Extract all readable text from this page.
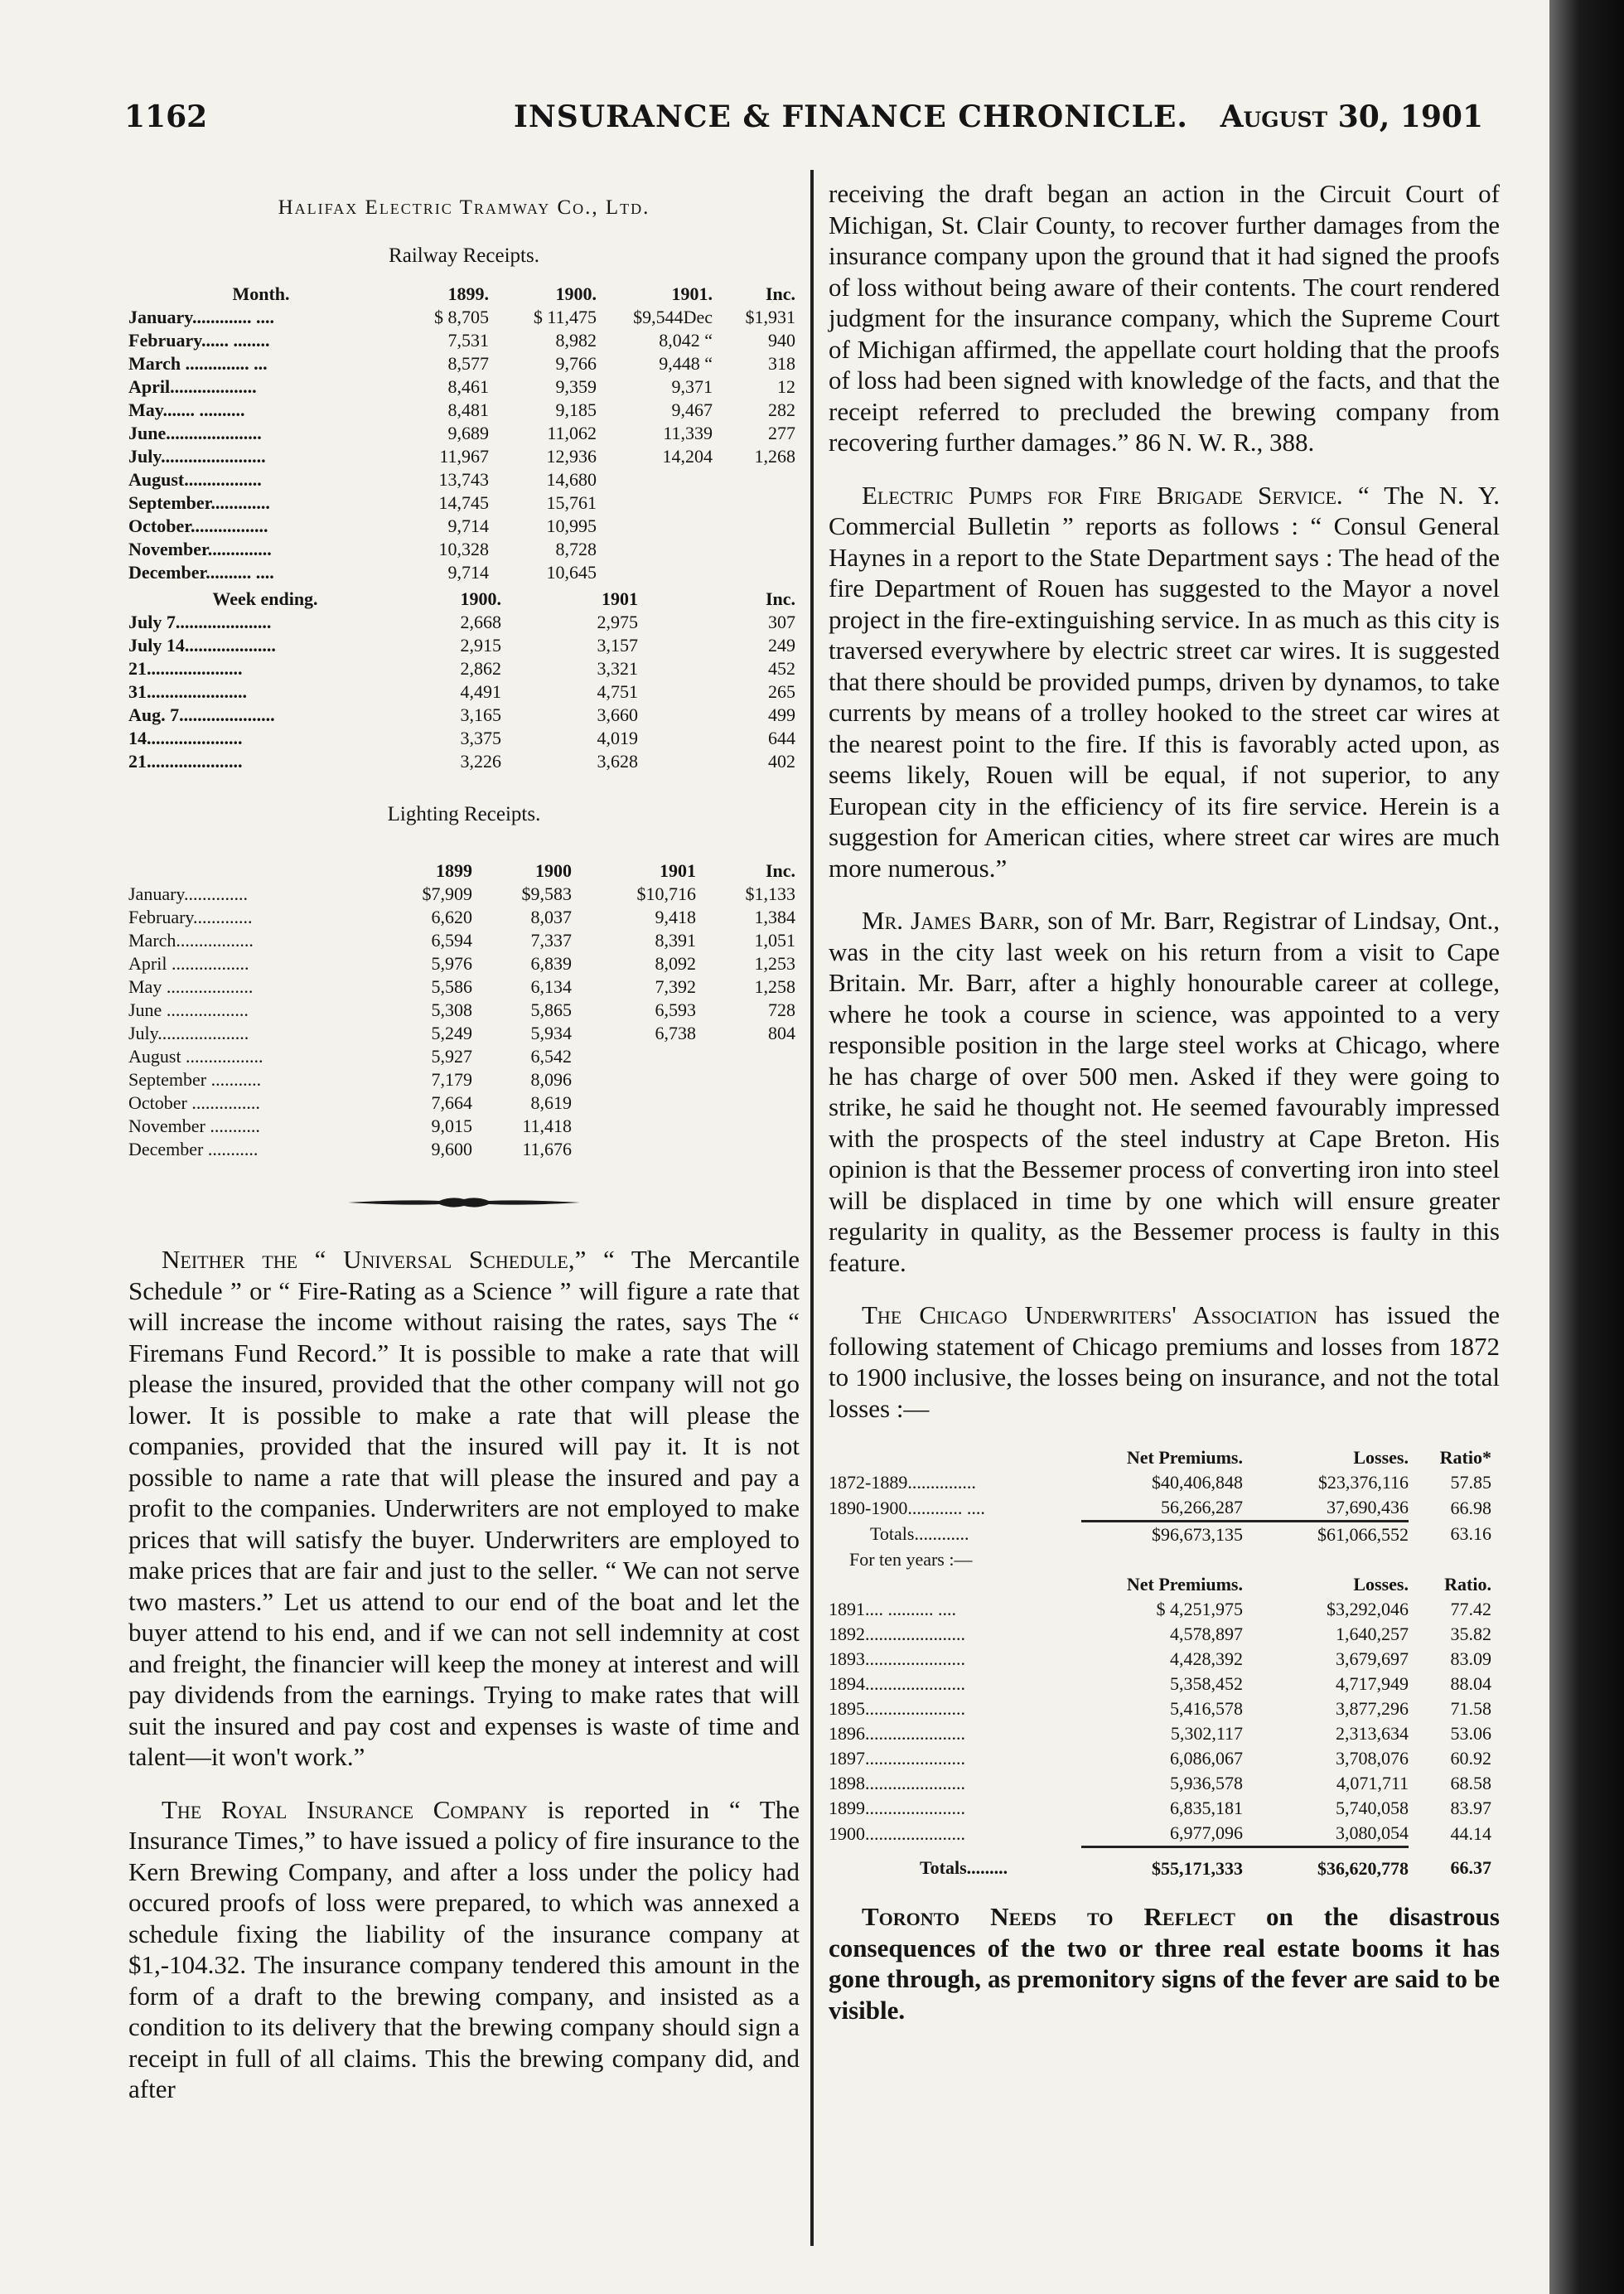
1162	INSURANCE & FINANCE CHRONICLE. August 30, 1901
Halifax Electric Tramway Co., Ltd.
Railway Receipts.
Month.	1899.	1900.	1901.	Inc.
January............. ....	$ 8,705	$ 11,475	$9,544Dec	$1,931
February...... ........	7,531	8,982	8,042 “	940
March .............. ...	8,577	9,766	9,448 “	318
April...................	8,461	9,359	9,371	12
May....... ..........	8,481	9,185	9,467	282
June.....................	9,689	11,062	11,339	277
July.......................	11,967	12,936	14,204	1,268
August.................	13,743	14,680		
September.............	14,745	15,761		
October.................	9,714	10,995		
November..............	10,328	8,728		
December.......... ....	9,714	10,645		
Week ending.	1900.	1901	Inc.
July 7.....................	2,668	2,975	307
July 14....................	2,915	3,157	249
21.....................	2,862	3,321	452
31......................	4,491	4,751	265
Aug. 7.....................	3,165	3,660	499
14.....................	3,375	4,019	644
21.....................	3,226	3,628	402
Lighting Receipts.
	1899	1900	1901	Inc.
January..............	$7,909	$9,583	$10,716	$1,133
February.............	6,620	8,037	9,418	1,384
March.................	6,594	7,337	8,391	1,051
April .................	5,976	6,839	8,092	1,253
May ...................	5,586	6,134	7,392	1,258
June ..................	5,308	5,865	6,593	728
July....................	5,249	5,934	6,738	804
August .................	5,927	6,542		
September ...........	7,179	8,096		
October ...............	7,664	8,619		
November ...........	9,015	11,418		
December ...........	9,600	11,676		

Neither the “ Universal Schedule,” “ The Mercantile Schedule ” or “ Fire-Rating as a Science ” will figure a rate that will increase the income without raising the rates, says The “ Firemans Fund Record.” It is possible to make a rate that will please the insured, provided that the other company will not go lower. It is possible to make a rate that will please the companies, provided that the insured will pay it. It is not possible to name a rate that will please the insured and pay a profit to the companies. Underwriters are not employed to make prices that will satisfy the buyer. Underwriters are employed to make prices that are fair and just to the seller. “ We can not serve two masters.” Let us attend to our end of the boat and let the buyer attend to his end, and if we can not sell indemnity at cost and freight, the financier will keep the money at interest and will pay dividends from the earnings. Trying to make rates that will suit the insured and pay cost and expenses is waste of time and talent—it won't work.”

The Royal Insurance Company is reported in “ The Insurance Times,” to have issued a policy of fire insurance to the Kern Brewing Company, and after a loss under the policy had occured proofs of loss were prepared, to which was annexed a schedule fixing the liability of the insurance company at $1,-104.32. The insurance company tendered this amount in the form of a draft to the brewing company, and insisted as a condition to its delivery that the brewing company should sign a receipt in full of all claims. This the brewing company did, and after

receiving the draft began an action in the Circuit Court of Michigan, St. Clair County, to recover further damages from the insurance company upon the ground that it had signed the proofs of loss without being aware of their contents. The court rendered judgment for the insurance company, which the Supreme Court of Michigan affirmed, the appellate court holding that the proofs of loss had been signed with knowledge of the facts, and that the receipt referred to precluded the brewing company from recovering further damages.” 86 N. W. R., 388.

Electric Pumps for Fire Brigade Service. “ The N. Y. Commercial Bulletin ” reports as follows : “ Consul General Haynes in a report to the State Department says : The head of the fire Department of Rouen has suggested to the Mayor a novel project in the fire-extinguishing service. In as much as this city is traversed everywhere by electric street car wires. It is suggested that there should be provided pumps, driven by dynamos, to take currents by means of a trolley hooked to the street car wires at the nearest point to the fire. If this is favorably acted upon, as seems likely, Rouen will be equal, if not superior, to any European city in the efficiency of its fire service. Herein is a suggestion for American cities, where street car wires are much more numerous.”

Mr. James Barr, son of Mr. Barr, Registrar of Lindsay, Ont., was in the city last week on his return from a visit to Cape Britain. Mr. Barr, after a highly honourable career at college, where he took a course in science, was appointed to a very responsible position in the large steel works at Chicago, where he has charge of over 500 men. Asked if they were going to strike, he said he thought not. He seemed favourably impressed with the prospects of the steel industry at Cape Breton. His opinion is that the Bessemer process of converting iron into steel will be displaced in time by one which will ensure greater regularity in quality, as the Bessemer process is faulty in this feature.

The Chicago Underwriters' Association has issued the following statement of Chicago premiums and losses from 1872 to 1900 inclusive, the losses being on insurance, and not the total losses :—

	Net Premiums.	Losses.	Ratio*
1872-1889...............	$40,406,848	$23,376,116	57.85
1890-1900............ ....	56,266,287	37,690,436	66.98
Totals............	$96,673,135	$61,066,552	63.16
For ten years :—			
	Net Premiums.	Losses.	Ratio.
1891.... .......... ....	$ 4,251,975	$3,292,046	77.42
1892......................	4,578,897	1,640,257	35.82
1893......................	4,428,392	3,679,697	83.09
1894......................	5,358,452	4,717,949	88.04
1895......................	5,416,578	3,877,296	71.58
1896......................	5,302,117	2,313,634	53.06
1897......................	6,086,067	3,708,076	60.92
1898......................	5,936,578	4,071,711	68.58
1899......................	6,835,181	5,740,058	83.97
1900......................	6,977,096	3,080,054	44.14
Totals.........	$55,171,333	$36,620,778	66.37

Toronto Needs to Reflect on the disastrous consequences of the two or three real estate booms it has gone through, as premonitory signs of the fever are said to be visible.
